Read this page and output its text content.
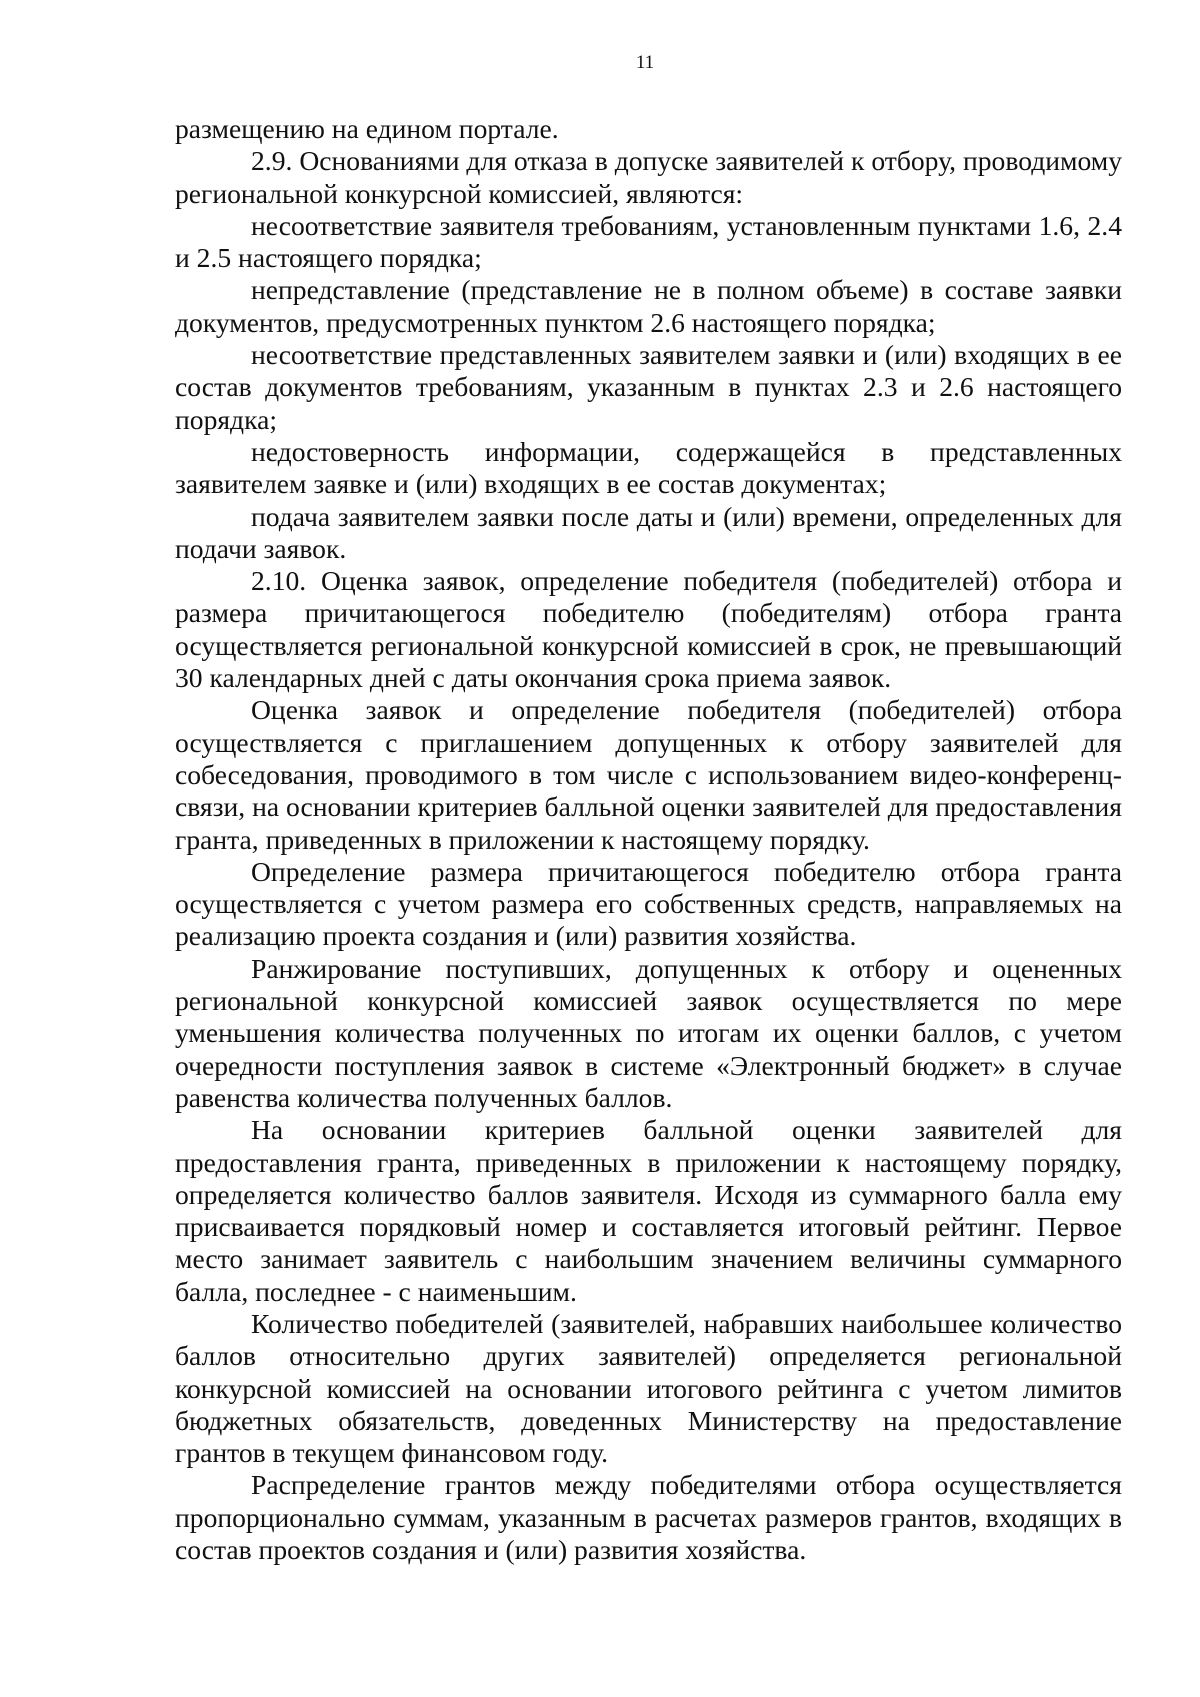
11

размещению на едином портале.

2.9. Основаниями для отказа в допуске заявителей к отбору, проводимому региональной конкурсной комиссией, являются:

несоответствие заявителя требованиям, установленным пунктами 1.6, 2.4 и 2.5 настоящего порядка;

непредставление (представление не в полном объеме) в составе заявки документов, предусмотренных пунктом 2.6 настоящего порядка;

несоответствие представленных заявителем заявки и (или) входящих в ее состав документов требованиям, указанным в пунктах 2.3 и 2.6 настоящего порядка;

недостоверность информации, содержащейся в представленных заявителем заявке и (или) входящих в ее состав документах;

подача заявителем заявки после даты и (или) времени, определенных для подачи заявок.

2.10. Оценка заявок, определение победителя (победителей) отбора и размера причитающегося победителю (победителям) отбора гранта осуществляется региональной конкурсной комиссией в срок, не превышающий 30 календарных дней с даты окончания срока приема заявок.

Оценка заявок и определение победителя (победителей) отбора осуществляется с приглашением допущенных к отбору заявителей для собеседования, проводимого в том числе с использованием видео-конференц-связи, на основании критериев балльной оценки заявителей для предоставления гранта, приведенных в приложении к настоящему порядку.

Определение размера причитающегося победителю отбора гранта осуществляется с учетом размера его собственных средств, направляемых на реализацию проекта создания и (или) развития хозяйства.

Ранжирование поступивших, допущенных к отбору и оцененных региональной конкурсной комиссией заявок осуществляется по мере уменьшения количества полученных по итогам их оценки баллов, с учетом очередности поступления заявок в системе «Электронный бюджет» в случае равенства количества полученных баллов.

На основании критериев балльной оценки заявителей для предоставления гранта, приведенных в приложении к настоящему порядку, определяется количество баллов заявителя. Исходя из суммарного балла ему присваивается порядковый номер и составляется итоговый рейтинг. Первое место занимает заявитель с наибольшим значением величины суммарного балла, последнее - с наименьшим.

Количество победителей (заявителей, набравших наибольшее количество баллов относительно других заявителей) определяется региональной конкурсной комиссией на основании итогового рейтинга с учетом лимитов бюджетных обязательств, доведенных Министерству на предоставление грантов в текущем финансовом году.

Распределение грантов между победителями отбора осуществляется пропорционально суммам, указанным в расчетах размеров грантов, входящих в состав проектов создания и (или) развития хозяйства.
